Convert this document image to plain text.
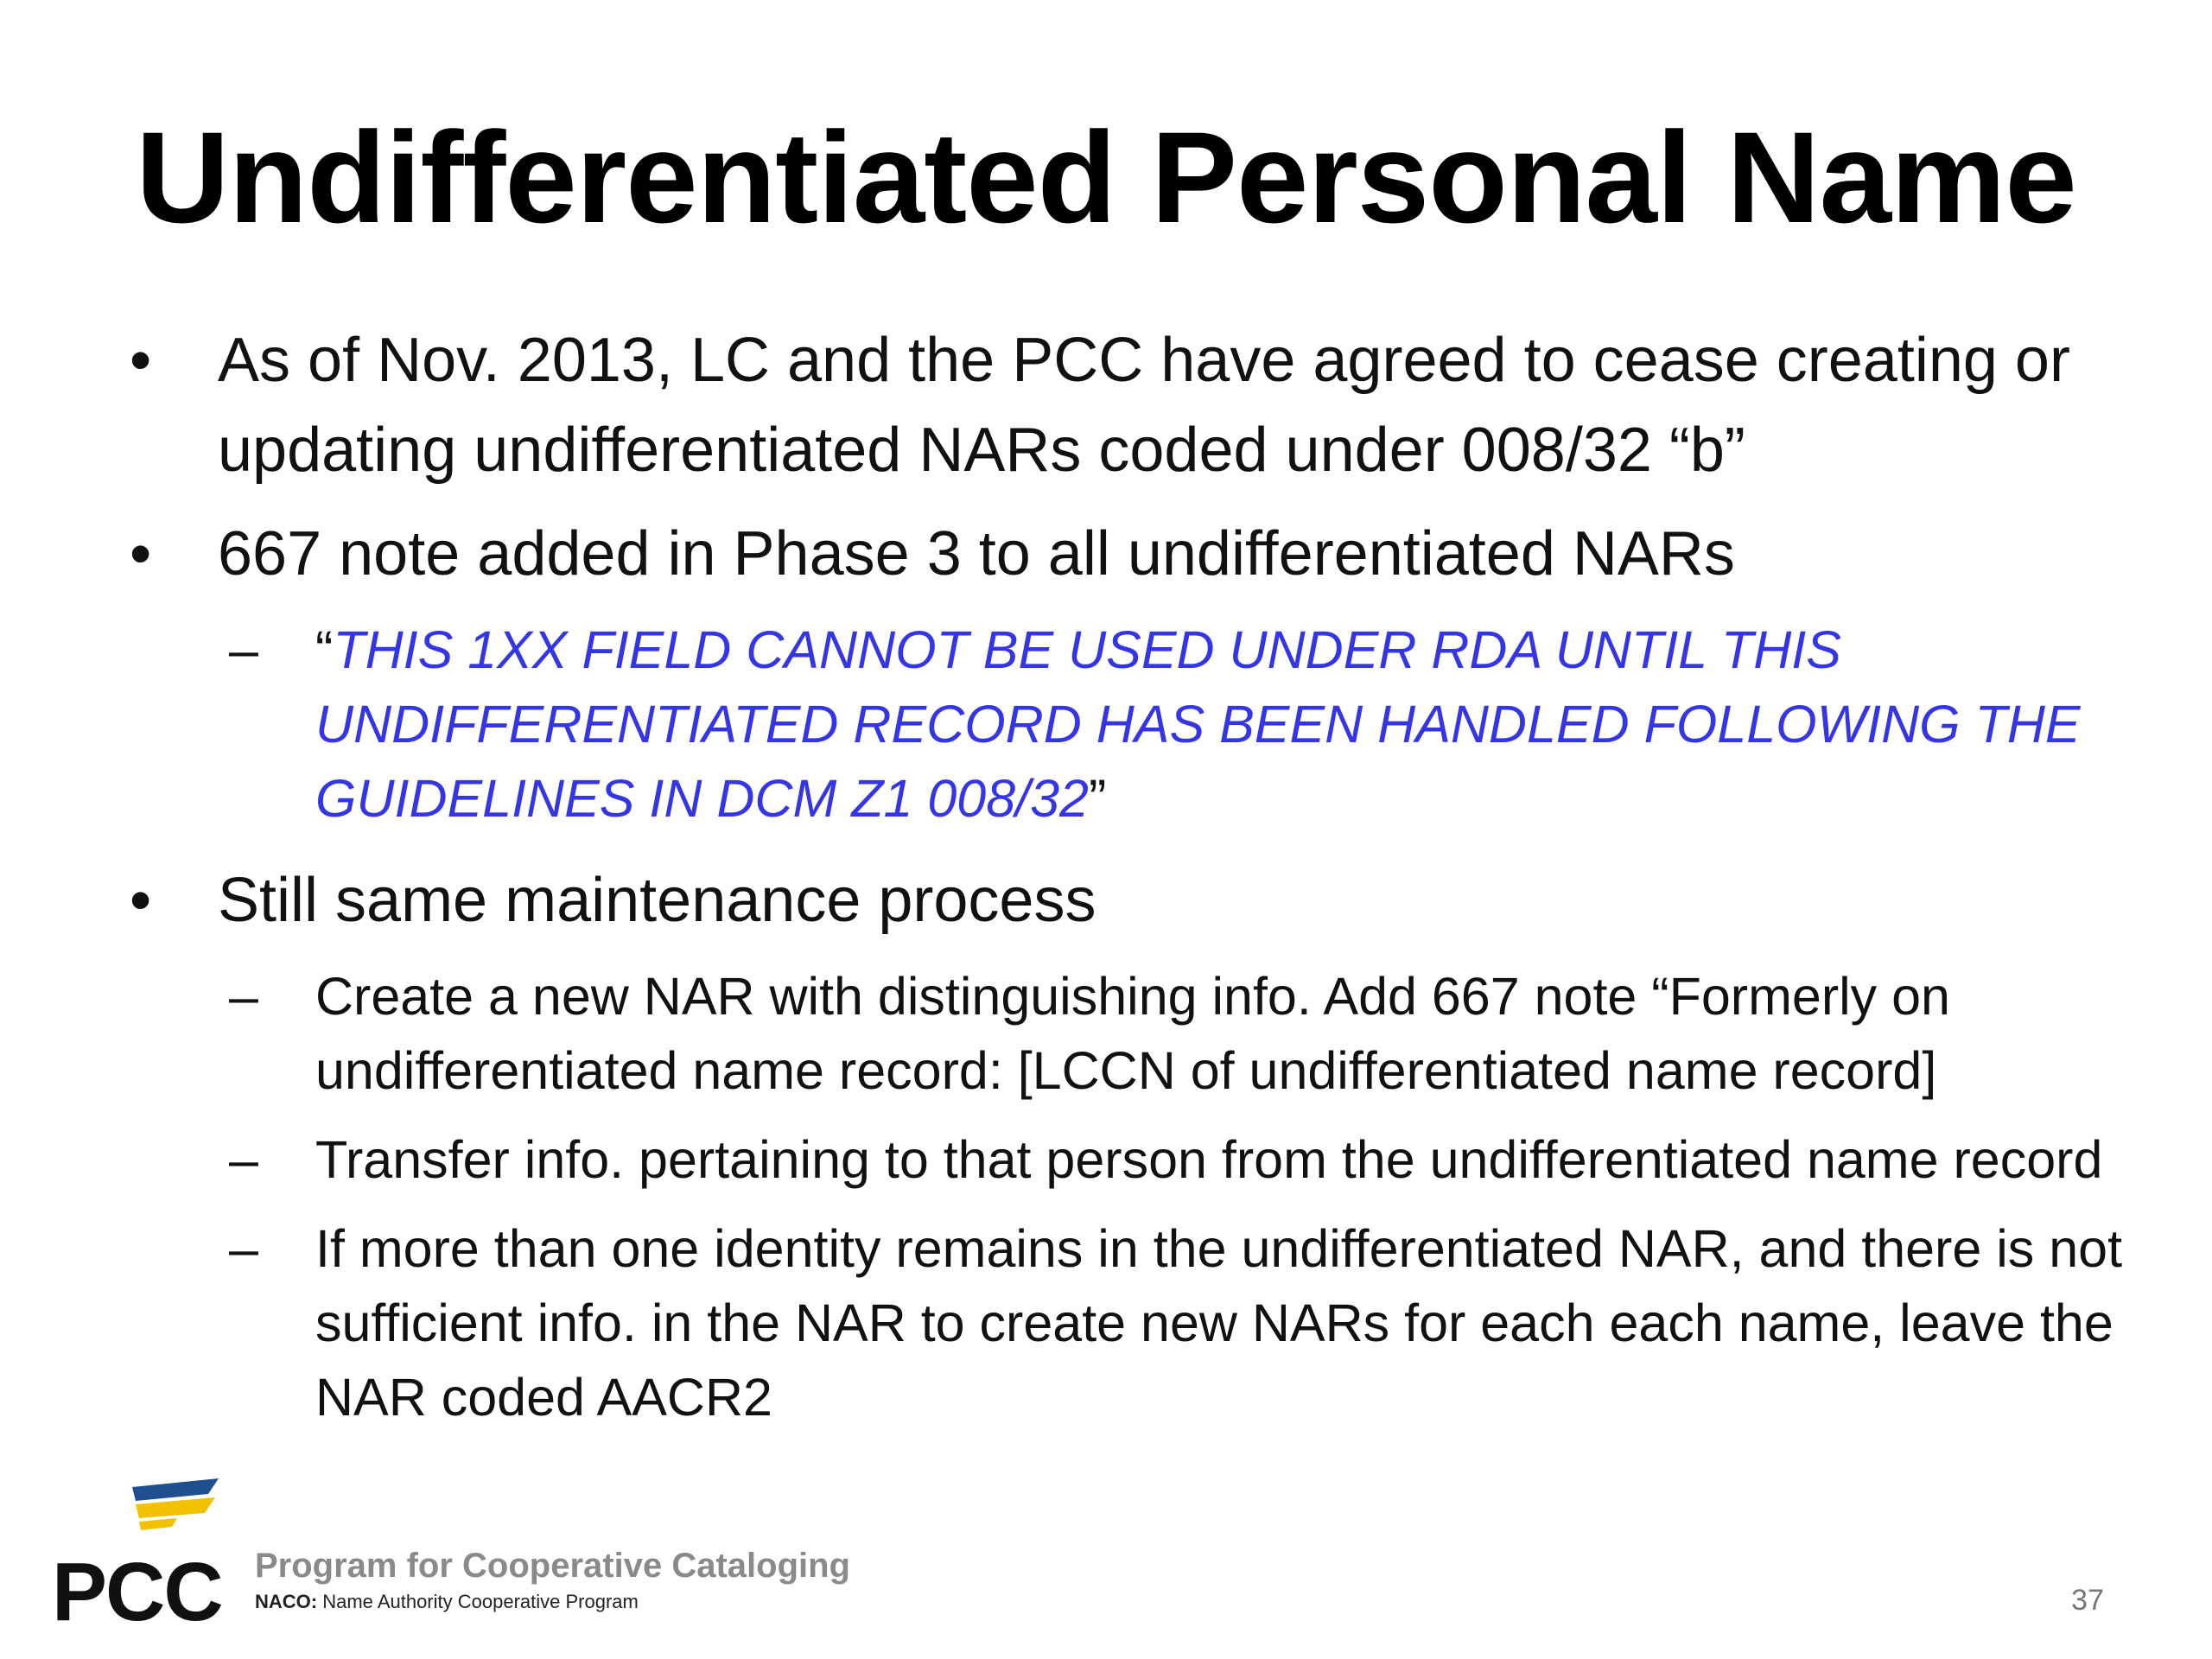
Undifferentiated Personal Name
•	As of Nov. 2013, LC and the PCC have agreed to cease creating or updating undifferentiated NARs coded under 008/32 “b”
•	667 note added in Phase 3 to all undifferentiated NARs
– “THIS 1XX FIELD CANNOT BE USED UNDER RDA UNTIL THIS UNDIFFERENTIATED RECORD HAS BEEN HANDLED FOLLOWING THE GUIDELINES IN DCM Z1 008/32”
•	Still same maintenance process
– Create a new NAR with distinguishing info. Add 667 note “Formerly on undifferentiated name record: [LCCN of undifferentiated name record]
– Transfer info. pertaining to that person from the undifferentiated name record
– If more than one identity remains in the undifferentiated NAR, and there is not sufficient info. in the NAR to create new NARs for each each name, leave the NAR coded AACR2
PCC Program for Cooperative Cataloging
NACO: Name Authority Cooperative Program	37
